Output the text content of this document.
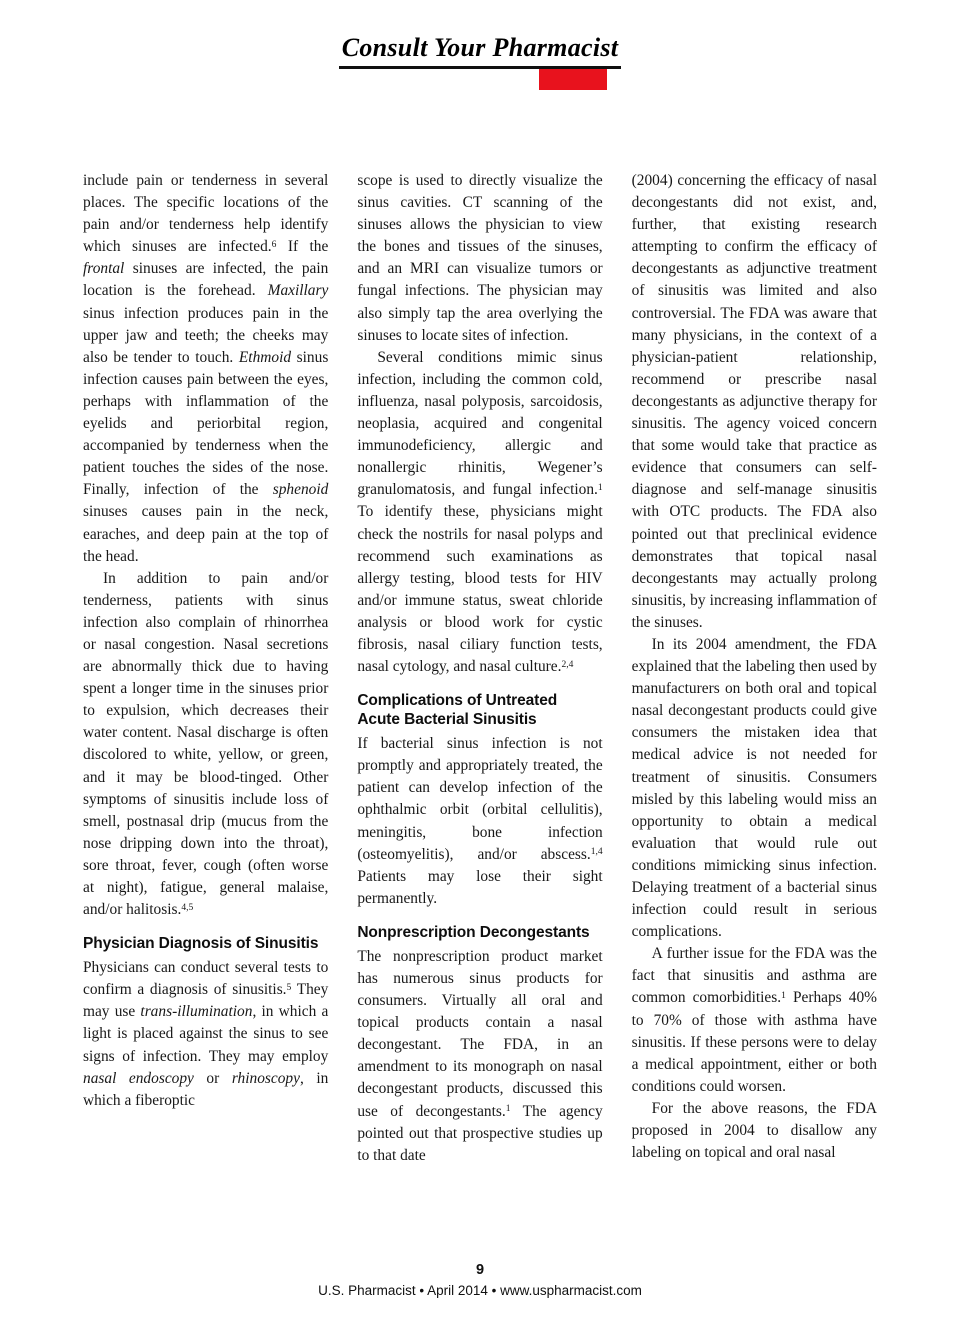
Consult Your Pharmacist

include pain or tenderness in several places. The specific locations of the pain and/or tenderness help identify which sinuses are infected.$^6$ If the frontal sinuses are infected, the pain location is the forehead. Maxillary sinus infection produces pain in the upper jaw and teeth; the cheeks may also be tender to touch. Ethmoid sinus infection causes pain between the eyes, perhaps with inflammation of the eyelids and periorbital region, accompanied by tenderness when the patient touches the sides of the nose. Finally, infection of the sphenoid sinuses causes pain in the neck, earaches, and deep pain at the top of the head.

In addition to pain and/or tenderness, patients with sinus infection also complain of rhinorrhea or nasal congestion. Nasal secretions are abnormally thick due to having spent a longer time in the sinuses prior to expulsion, which decreases their water content. Nasal discharge is often discolored to white, yellow, or green, and it may be blood-tinged. Other symptoms of sinusitis include loss of smell, postnasal drip (mucus from the nose dripping down into the throat), sore throat, fever, cough (often worse at night), fatigue, general malaise, and/or halitosis.$^{4,5}$

Physician Diagnosis of Sinusitis

Physicians can conduct several tests to confirm a diagnosis of sinusitis.$^5$ They may use trans-illumination, in which a light is placed against the sinus to see signs of infection. They may employ nasal endoscopy or rhinoscopy, in which a fiberoptic

scope is used to directly visualize the sinus cavities. CT scanning of the sinuses allows the physician to view the bones and tissues of the sinuses, and an MRI can visualize tumors or fungal infections. The physician may also simply tap the area overlying the sinuses to locate sites of infection.

Several conditions mimic sinus infection, including the common cold, influenza, nasal polyposis, sarcoidosis, neoplasia, acquired and congenital immunodeficiency, allergic and nonallergic rhinitis, Wegener’s granulomatosis, and fungal infection.$^1$ To identify these, physicians might check the nostrils for nasal polyps and recommend such examinations as allergy testing, blood tests for HIV and/or immune status, sweat chloride analysis or blood work for cystic fibrosis, nasal ciliary function tests, nasal cytology, and nasal culture.$^{2,4}$

Complications of Untreated Acute Bacterial Sinusitis

If bacterial sinus infection is not promptly and appropriately treated, the patient can develop infection of the ophthalmic orbit (orbital cellulitis), meningitis, bone infection (osteomyelitis), and/or abscess.$^{1,4}$ Patients may lose their sight permanently.

Nonprescription Decongestants

The nonprescription product market has numerous sinus products for consumers. Virtually all oral and topical products contain a nasal decongestant. The FDA, in an amendment to its monograph on nasal decongestant products, discussed this use of decongestants.$^1$ The agency pointed out that prospective studies up to that date

(2004) concerning the efficacy of nasal decongestants did not exist, and, further, that existing research attempting to confirm the efficacy of decongestants as adjunctive treatment of sinusitis was limited and also controversial. The FDA was aware that many physicians, in the context of a physician-patient relationship, recommend or prescribe nasal decongestants as adjunctive therapy for sinusitis. The agency voiced concern that some would take that practice as evidence that consumers can self-diagnose and self-manage sinusitis with OTC products. The FDA also pointed out that preclinical evidence demonstrates that topical nasal decongestants may actually prolong sinusitis, by increasing inflammation of the sinuses.

In its 2004 amendment, the FDA explained that the labeling then used by manufacturers on both oral and topical nasal decongestant products could give consumers the mistaken idea that medical advice is not needed for treatment of sinusitis. Consumers misled by this labeling would miss an opportunity to obtain a medical evaluation that would rule out conditions mimicking sinus infection. Delaying treatment of a bacterial sinus infection could result in serious complications.

A further issue for the FDA was the fact that sinusitis and asthma are common comorbidities.$^1$ Perhaps 40% to 70% of those with asthma have sinusitis. If these persons were to delay a medical appointment, either or both conditions could worsen.

For the above reasons, the FDA proposed in 2004 to disallow any labeling on topical and oral nasal

9
U.S. Pharmacist • April 2014 • www.uspharmacist.com
